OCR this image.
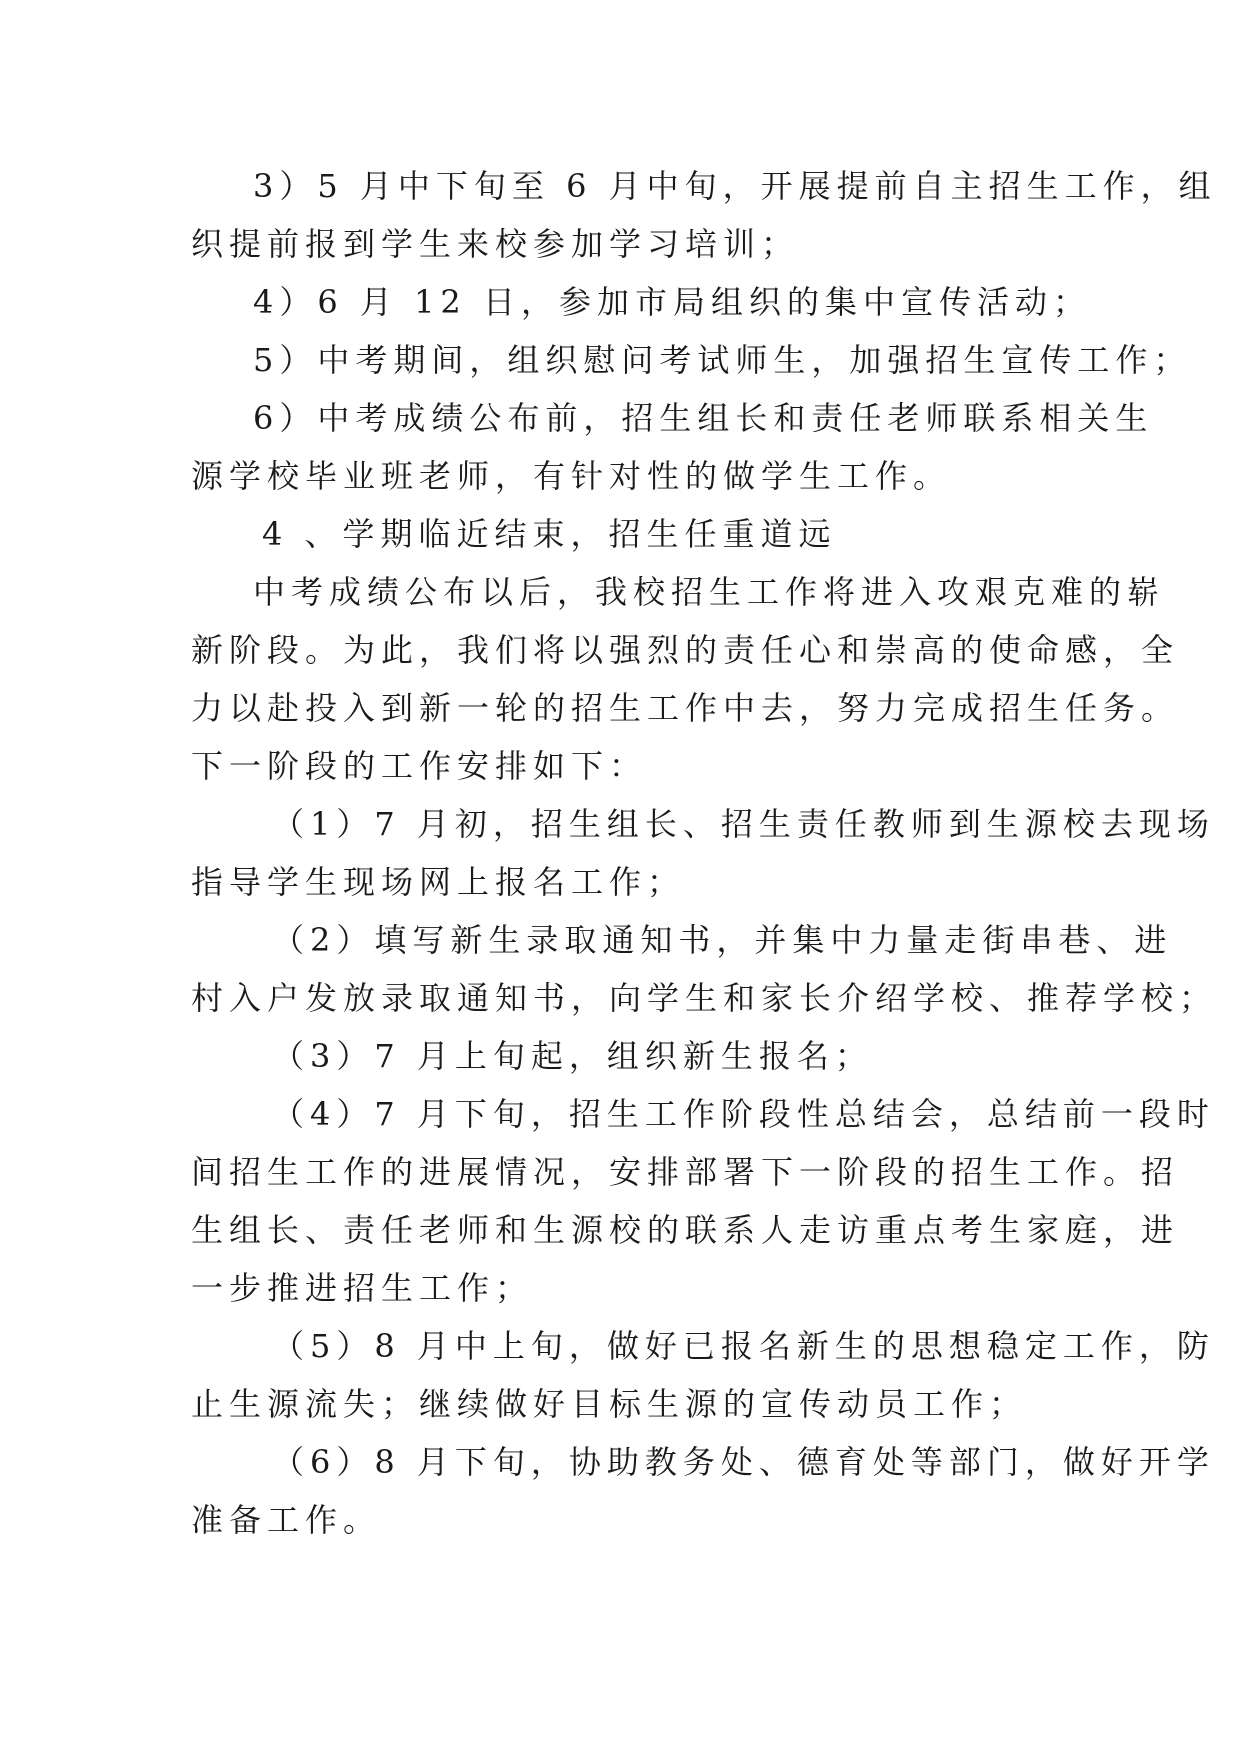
3）5 月中下旬至 6 月中旬，开展提前自主招生工作，组
织提前报到学生来校参加学习培训；
4）6 月 12 日，参加市局组织的集中宣传活动；
5）中考期间，组织慰问考试师生，加强招生宣传工作；
6）中考成绩公布前，招生组长和责任老师联系相关生
源学校毕业班老师，有针对性的做学生工作。
4 、学期临近结束，招生任重道远
中考成绩公布以后，我校招生工作将进入攻艰克难的崭
新阶段。为此，我们将以强烈的责任心和崇高的使命感，全
力以赴投入到新一轮的招生工作中去，努力完成招生任务。
下一阶段的工作安排如下：
（1）7 月初，招生组长、招生责任教师到生源校去现场
指导学生现场网上报名工作；
（2）填写新生录取通知书，并集中力量走街串巷、进
村入户发放录取通知书，向学生和家长介绍学校、推荐学校；
（3）7 月上旬起，组织新生报名；
（4）7 月下旬，招生工作阶段性总结会，总结前一段时
间招生工作的进展情况，安排部署下一阶段的招生工作。招
生组长、责任老师和生源校的联系人走访重点考生家庭，进
一步推进招生工作；
（5）8 月中上旬，做好已报名新生的思想稳定工作，防
止生源流失；继续做好目标生源的宣传动员工作；
（6）8 月下旬，协助教务处、德育处等部门，做好开学
准备工作。
